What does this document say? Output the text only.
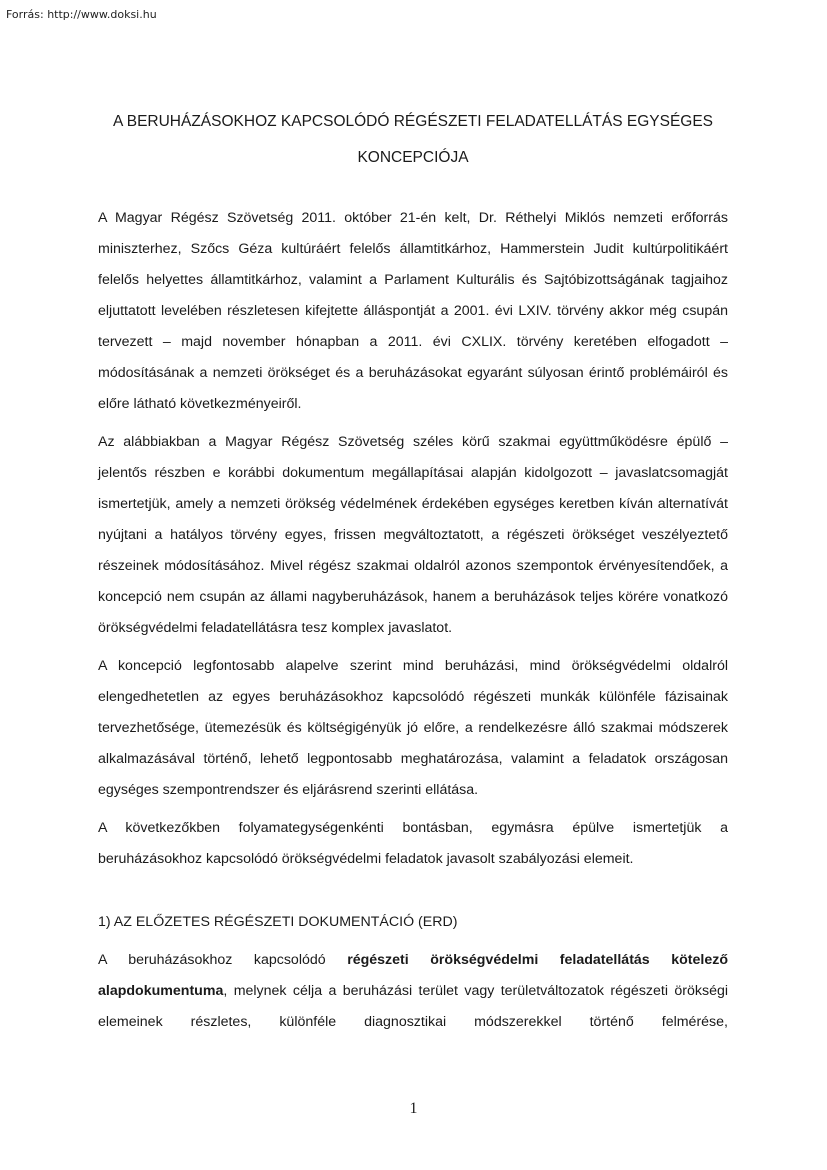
Forrás: http://www.doksi.hu
A BERUHÁZÁSOKHOZ KAPCSOLÓDÓ RÉGÉSZETI FELADATELLÁTÁS EGYSÉGES
KONCEPCIÓJA

A Magyar Régész Szövetség 2011. október 21-én kelt, Dr. Réthelyi Miklós nemzeti erőforrás miniszterhez, Szőcs Géza kultúráért felelős államtitkárhoz, Hammerstein Judit kultúrpolitikáért felelős helyettes államtitkárhoz, valamint a Parlament Kulturális és Sajtóbizottságának tagjaihoz eljuttatott levelében részletesen kifejtette álláspontját a 2001. évi LXIV. törvény akkor még csupán tervezett – majd november hónapban a 2011. évi CXLIX. törvény keretében elfogadott – módosításának a nemzeti örökséget és a beruházásokat egyaránt súlyosan érintő problémáiról és előre látható következményeiről.

Az alábbiakban a Magyar Régész Szövetség széles körű szakmai együttműködésre épülő – jelentős részben e korábbi dokumentum megállapításai alapján kidolgozott – javaslatcsomagját ismertetjük, amely a nemzeti örökség védelmének érdekében egységes keretben kíván alternatívát nyújtani a hatályos törvény egyes, frissen megváltoztatott, a régészeti örökséget veszélyeztető részeinek módosításához. Mivel régész szakmai oldalról azonos szempontok érvényesítendőek, a koncepció nem csupán az állami nagyberuházások, hanem a beruházások teljes körére vonatkozó örökségvédelmi feladatellátásra tesz komplex javaslatot.

A koncepció legfontosabb alapelve szerint mind beruházási, mind örökségvédelmi oldalról elengedhetetlen az egyes beruházásokhoz kapcsolódó régészeti munkák különféle fázisainak tervezhetősége, ütemezésük és költségigényük jó előre, a rendelkezésre álló szakmai módszerek alkalmazásával történő, lehető legpontosabb meghatározása, valamint a feladatok országosan egységes szempontrendszer és eljárásrend szerinti ellátása.

A következőkben folyamategységenkénti bontásban, egymásra épülve ismertetjük a beruházásokhoz kapcsolódó örökségvédelmi feladatok javasolt szabályozási elemeit.

1) AZ ELŐZETES RÉGÉSZETI DOKUMENTÁCIÓ (ERD)

A beruházásokhoz kapcsolódó régészeti örökségvédelmi feladatellátás kötelező alapdokumentuma, melynek célja a beruházási terület vagy területváltozatok régészeti örökségi elemeinek részletes, különféle diagnosztikai módszerekkel történő felmérése,

1
